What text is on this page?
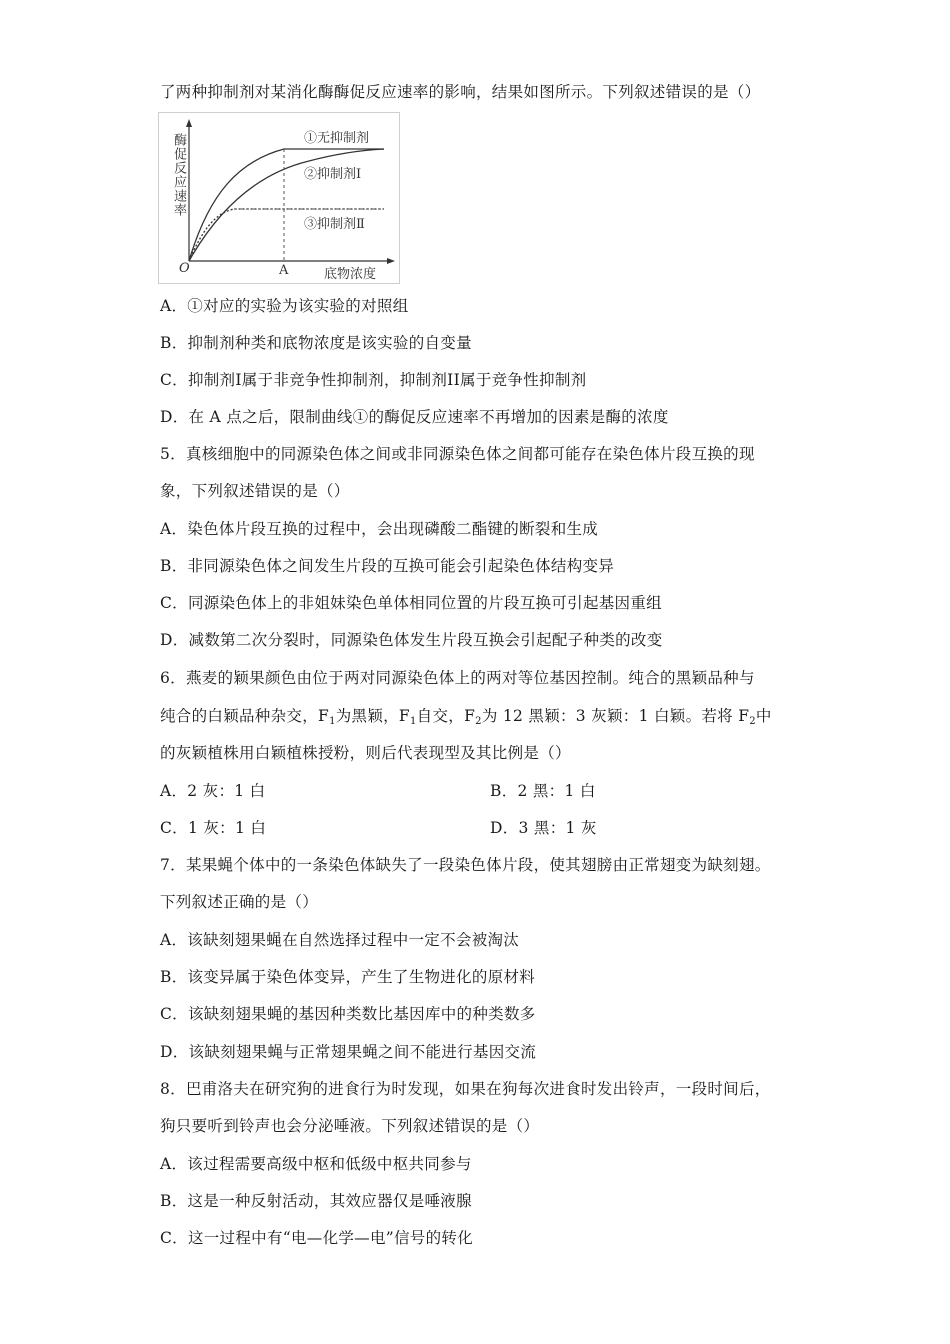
了两种抑制剂对某消化酶酶促反应速率的影响，结果如图所示。下列叙述错误的是（）
酶促反应速率
O	A	底物浓度
①无抑制剂
②抑制剂Ⅰ
③抑制剂Ⅱ
A．①对应的实验为该实验的对照组
B．抑制剂种类和底物浓度是该实验的自变量
C．抑制剂I属于非竞争性抑制剂，抑制剂II属于竞争性抑制剂
D．在 A 点之后，限制曲线①的酶促反应速率不再增加的因素是酶的浓度
5．真核细胞中的同源染色体之间或非同源染色体之间都可能存在染色体片段互换的现
象，下列叙述错误的是（）
A．染色体片段互换的过程中，会出现磷酸二酯键的断裂和生成
B．非同源染色体之间发生片段的互换可能会引起染色体结构变异
C．同源染色体上的非姐妹染色单体相同位置的片段互换可引起基因重组
D．减数第二次分裂时，同源染色体发生片段互换会引起配子种类的改变
6．燕麦的颖果颜色由位于两对同源染色体上的两对等位基因控制。纯合的黑颖品种与
纯合的白颖品种杂交，$F_1$为黑颖，$F_1$自交，$F_2$为 12 黑颖：3 灰颖：1 白颖。若将 $F_2$中
的灰颖植株用白颖植株授粉，则后代表现型及其比例是（）
A．2 灰：1 白	B．2 黑：1 白
C．1 灰：1 白	D．3 黑：1 灰
7．某果蝇个体中的一条染色体缺失了一段染色体片段，使其翅膀由正常翅变为缺刻翅。
下列叙述正确的是（）
A．该缺刻翅果蝇在自然选择过程中一定不会被淘汰
B．该变异属于染色体变异，产生了生物进化的原材料
C．该缺刻翅果蝇的基因种类数比基因库中的种类数多
D．该缺刻翅果蝇与正常翅果蝇之间不能进行基因交流
8．巴甫洛夫在研究狗的进食行为时发现，如果在狗每次进食时发出铃声，一段时间后，
狗只要听到铃声也会分泌唾液。下列叙述错误的是（）
A．该过程需要高级中枢和低级中枢共同参与
B．这是一种反射活动，其效应器仅是唾液腺
C．这一过程中有“电—化学—电”信号的转化
